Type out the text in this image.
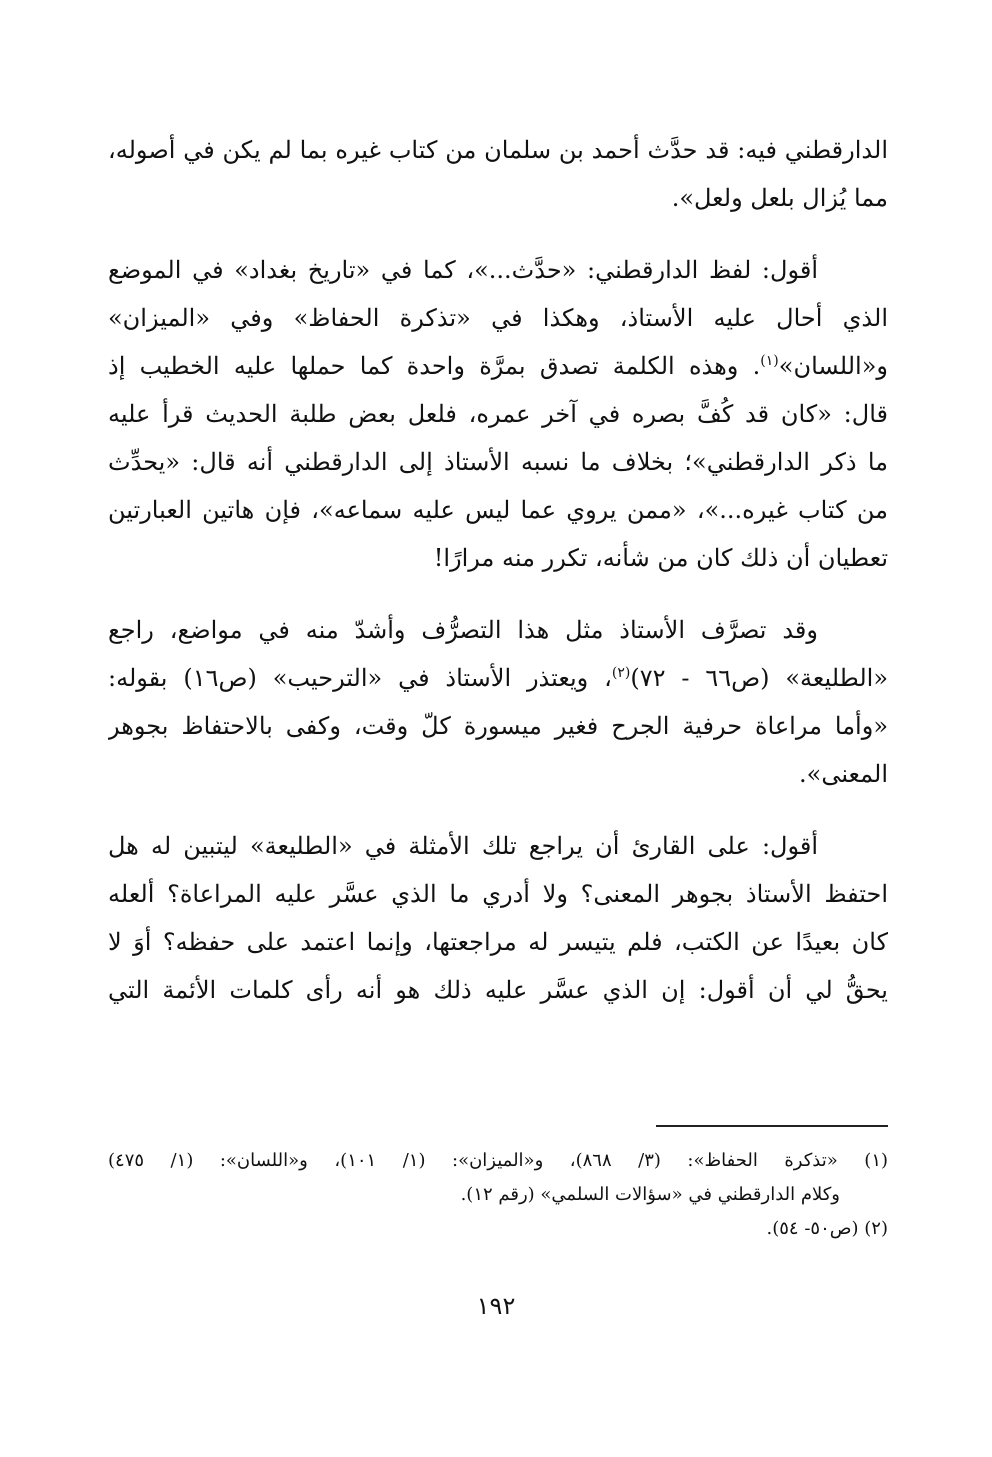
الدارقطني فيه: قد حدَّث أحمد بن سلمان من كتاب غيره بما لم يكن في أصوله،
مما يُزال بلعل ولعل».
أقول: لفظ الدارقطني: «حدَّث...»، كما في «تاريخ بغداد» في الموضع
الذي أحال عليه الأستاذ، وهكذا في «تذكرة الحفاظ» وفي «الميزان»
و«اللسان»$^{(١)}$. وهذه الكلمة تصدق بمرَّة واحدة كما حملها عليه الخطيب إذ
قال: «كان قد كُفَّ بصره في آخر عمره، فلعل بعض طلبة الحديث قرأ عليه
ما ذكر الدارقطني»؛ بخلاف ما نسبه الأستاذ إلى الدارقطني أنه قال: «يحدِّث
من كتاب غيره...»، «ممن يروي عما ليس عليه سماعه»، فإن هاتين العبارتين
تعطيان أن ذلك كان من شأنه، تكرر منه مرارًا!
وقد تصرَّف الأستاذ مثل هذا التصرُّف وأشدّ منه في مواضع، راجع
«الطليعة» (ص٦٦ - ٧٢)$^{(٢)}$، ويعتذر الأستاذ في «الترحيب» (ص١٦) بقوله:
«وأما مراعاة حرفية الجرح فغير ميسورة كلّ وقت، وكفى بالاحتفاظ بجوهر
المعنى».
أقول: على القارئ أن يراجع تلك الأمثلة في «الطليعة» ليتبين له هل
احتفظ الأستاذ بجوهر المعنى؟ ولا أدري ما الذي عسَّر عليه المراعاة؟ ألعله
كان بعيدًا عن الكتب، فلم يتيسر له مراجعتها، وإنما اعتمد على حفظه؟ أوَ لا
يحقُّ لي أن أقول: إن الذي عسَّر عليه ذلك هو أنه رأى كلمات الأئمة التي
(١) «تذكرة الحفاظ»: (٣/ ٨٦٨)، و«الميزان»: (١/ ١٠١)، و«اللسان»: (١/ ٤٧٥)
وكلام الدارقطني في «سؤالات السلمي» (رقم ١٢).
(٢) (ص٥٠- ٥٤).
١٩٢
